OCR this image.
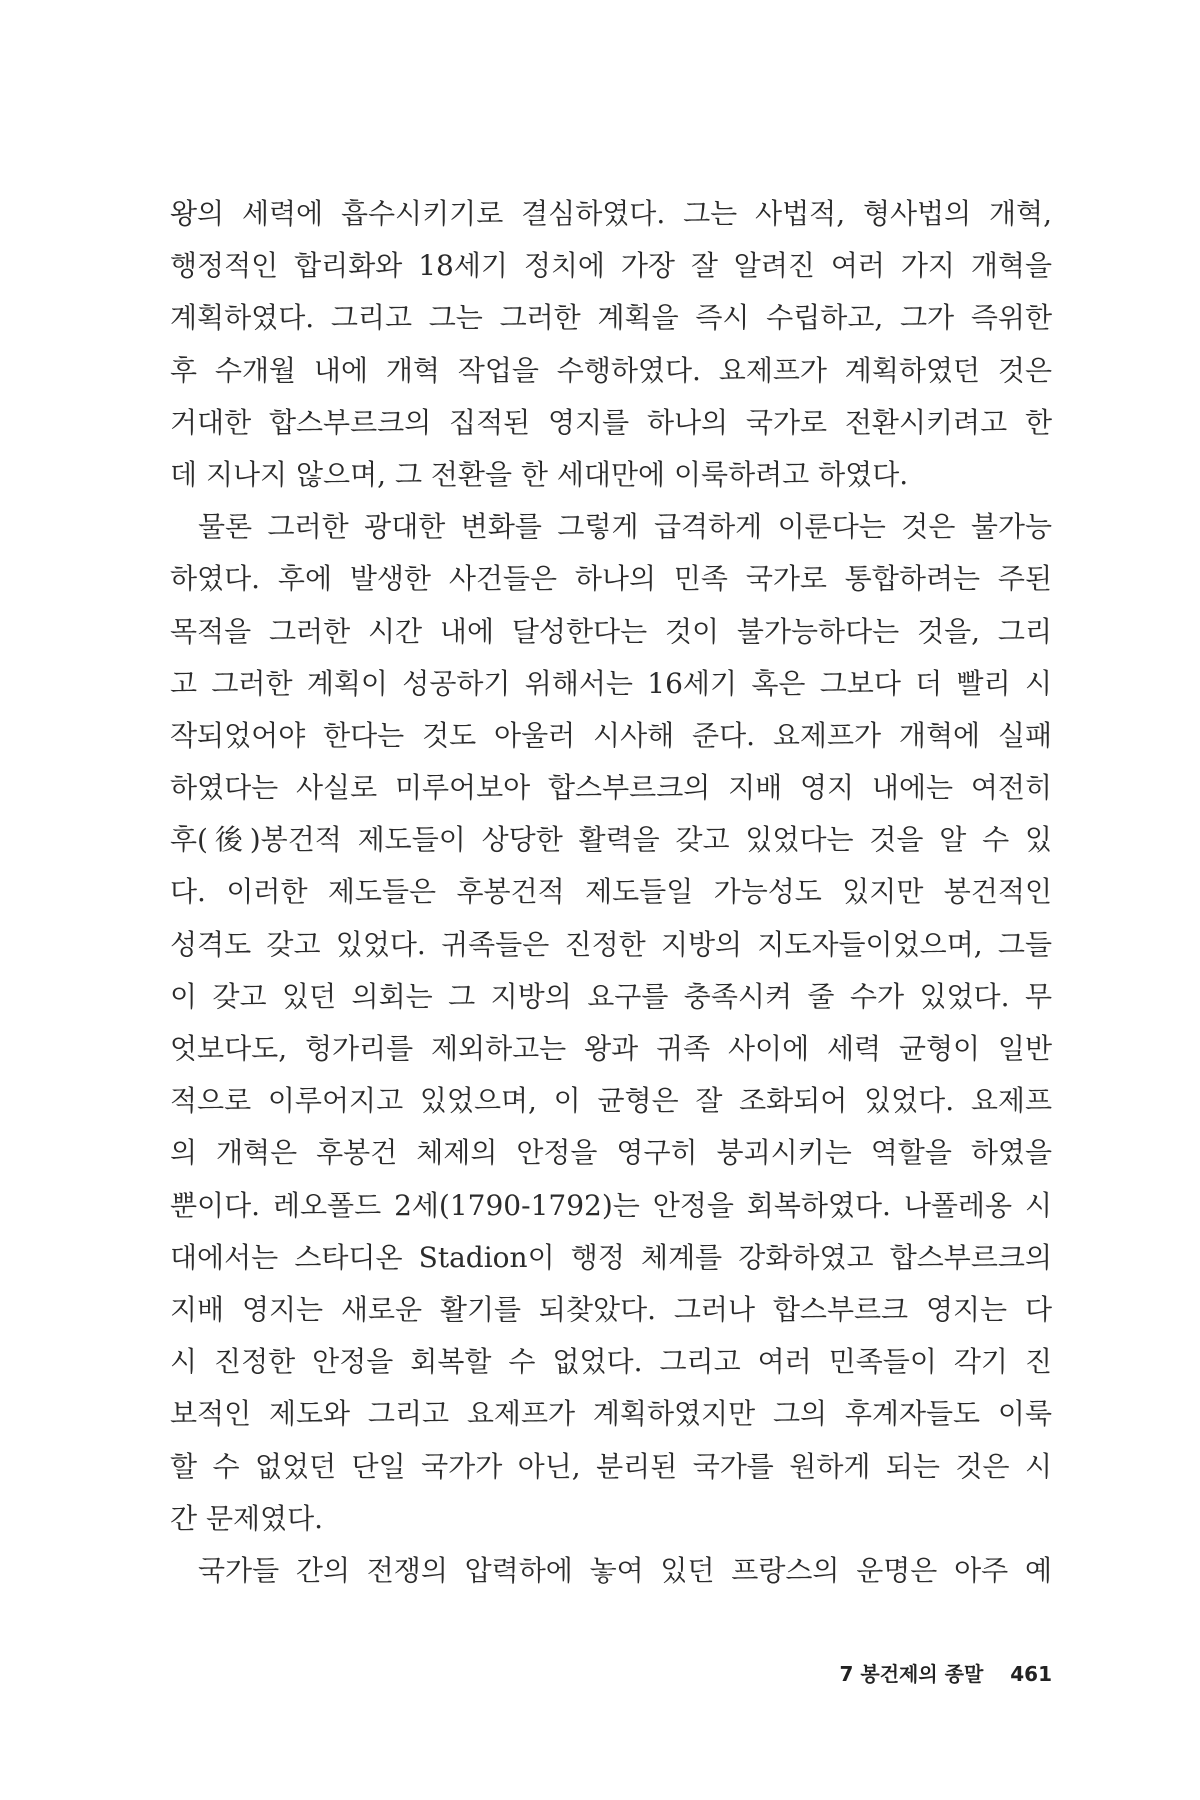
왕의 세력에 흡수시키기로 결심하였다. 그는 사법적, 형사법의 개혁,
행정적인 합리화와 18세기 정치에 가장 잘 알려진 여러 가지 개혁을
계획하였다. 그리고 그는 그러한 계획을 즉시 수립하고, 그가 즉위한
후 수개월 내에 개혁 작업을 수행하였다. 요제프가 계획하였던 것은
거대한 합스부르크의 집적된 영지를 하나의 국가로 전환시키려고 한
데 지나지 않으며, 그 전환을 한 세대만에 이룩하려고 하였다.
물론 그러한 광대한 변화를 그렇게 급격하게 이룬다는 것은 불가능
하였다. 후에 발생한 사건들은 하나의 민족 국가로 통합하려는 주된
목적을 그러한 시간 내에 달성한다는 것이 불가능하다는 것을, 그리
고 그러한 계획이 성공하기 위해서는 16세기 혹은 그보다 더 빨리 시
작되었어야 한다는 것도 아울러 시사해 준다. 요제프가 개혁에 실패
하였다는 사실로 미루어보아 합스부르크의 지배 영지 내에는 여전히
후(後)봉건적 제도들이 상당한 활력을 갖고 있었다는 것을 알 수 있
다. 이러한 제도들은 후봉건적 제도들일 가능성도 있지만 봉건적인
성격도 갖고 있었다. 귀족들은 진정한 지방의 지도자들이었으며, 그들
이 갖고 있던 의회는 그 지방의 요구를 충족시켜 줄 수가 있었다. 무
엇보다도, 헝가리를 제외하고는 왕과 귀족 사이에 세력 균형이 일반
적으로 이루어지고 있었으며, 이 균형은 잘 조화되어 있었다. 요제프
의 개혁은 후봉건 체제의 안정을 영구히 붕괴시키는 역할을 하였을
뿐이다. 레오폴드 2세(1790-1792)는 안정을 회복하였다. 나폴레옹 시
대에서는 스타디온 Stadion이 행정 체계를 강화하였고 합스부르크의
지배 영지는 새로운 활기를 되찾았다. 그러나 합스부르크 영지는 다
시 진정한 안정을 회복할 수 없었다. 그리고 여러 민족들이 각기 진
보적인 제도와 그리고 요제프가 계획하였지만 그의 후계자들도 이룩
할 수 없었던 단일 국가가 아닌, 분리된 국가를 원하게 되는 것은 시
간 문제였다.
국가들 간의 전쟁의 압력하에 놓여 있던 프랑스의 운명은 아주 예
7 봉건제의 종말 461
